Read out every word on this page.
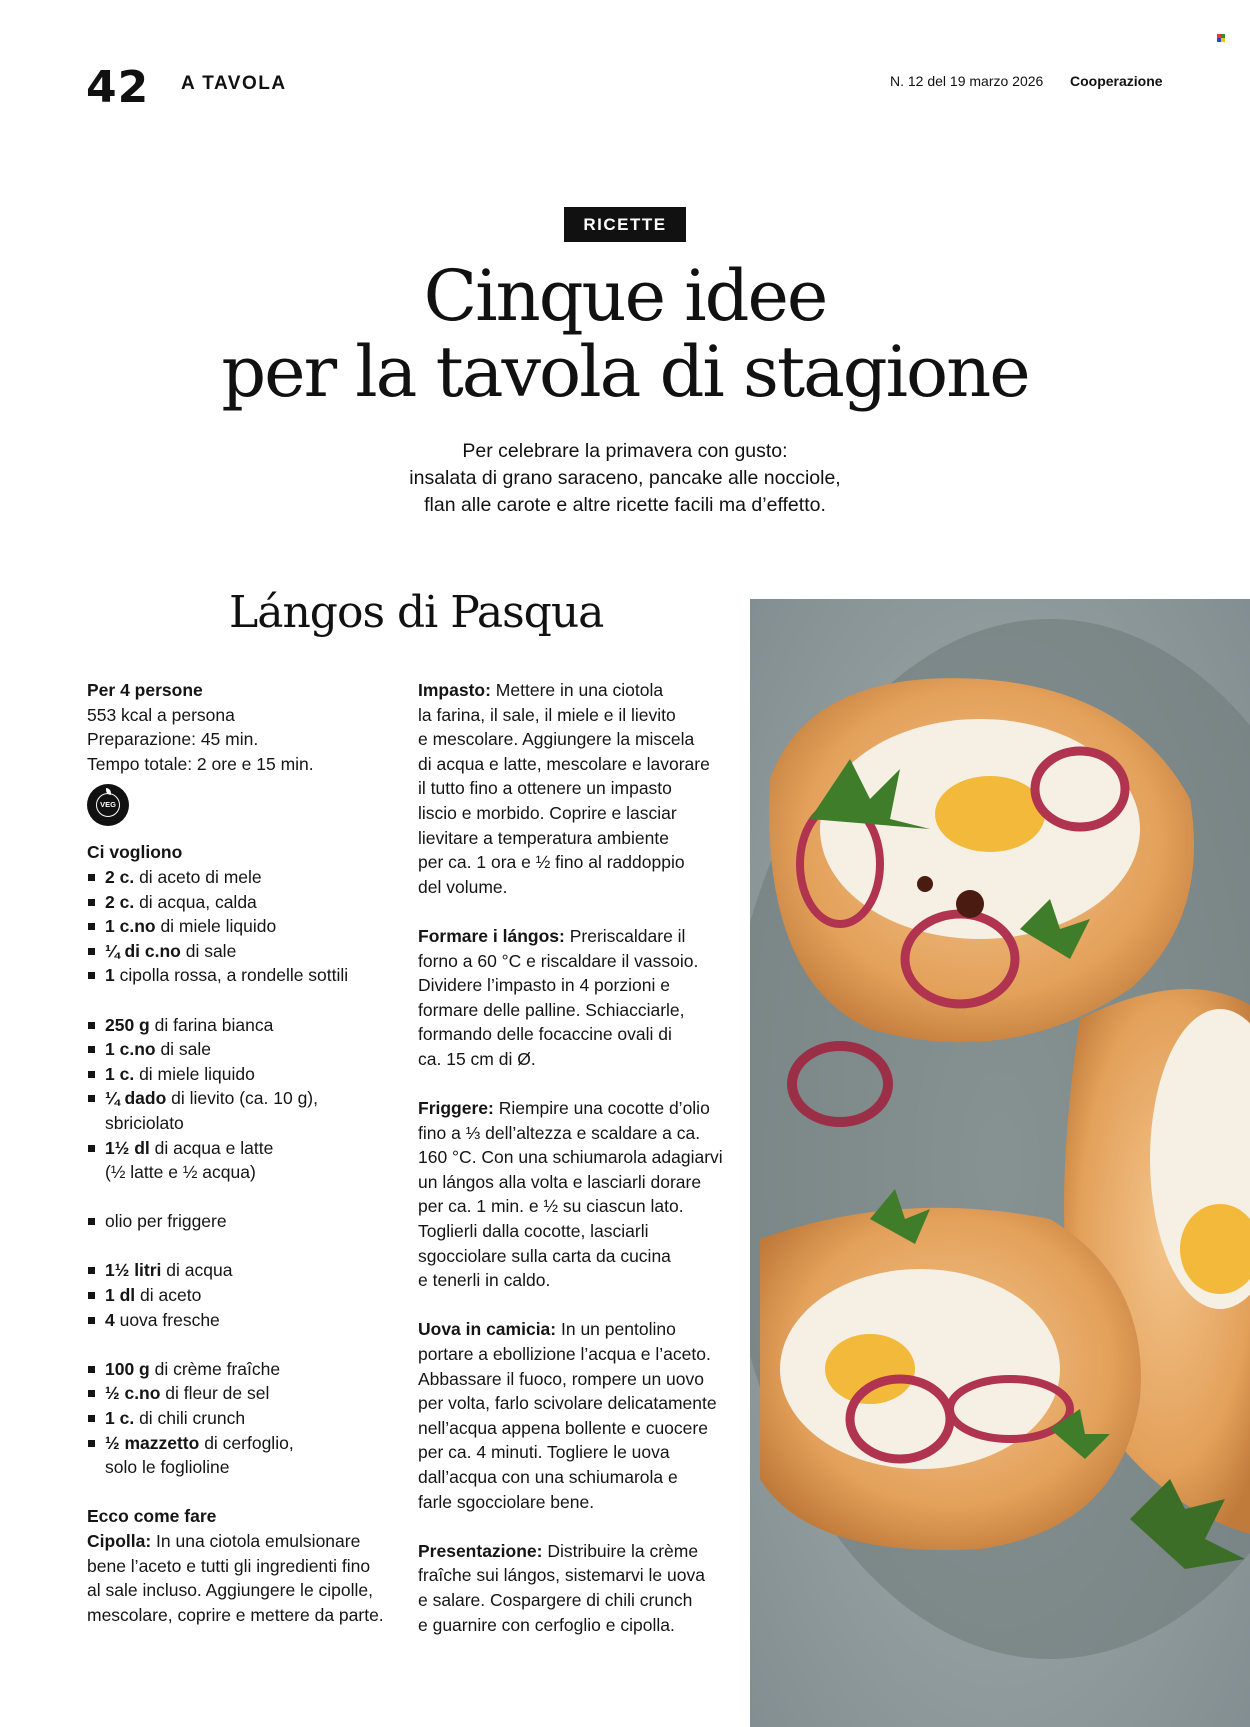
42 A TAVOLA	N. 12 del 19 marzo 2026 Cooperazione
RICETTE
Cinque idee
per la tavola di stagione
Per celebrare la primavera con gusto:
insalata di grano saraceno, pancake alle nocciole,
flan alle carote e altre ricette facili ma d’effetto.
Lángos di Pasqua
Per 4 persone
553 kcal a persona
Preparazione: 45 min.
Tempo totale: 2 ore e 15 min.
VEG
Ci vogliono
2 c. di aceto di mele
2 c. di acqua, calda
1 c.no di miele liquido
¼ di c.no di sale
1 cipolla rossa, a rondelle sottili
250 g di farina bianca
1 c.no di sale
1 c. di miele liquido
¼ dado di lievito (ca. 10 g),
sbriciolato
1½ dl di acqua e latte
(½ latte e ½ acqua)
olio per friggere
1½ litri di acqua
1 dl di aceto
4 uova fresche
100 g di crème fraîche
½ c.no di fleur de sel
1 c. di chili crunch
½ mazzetto di cerfoglio,
solo le foglioline
Ecco come fare
Cipolla: In una ciotola emulsionare
bene l’aceto e tutti gli ingredienti fino
al sale incluso. Aggiungere le cipolle,
mescolare, coprire e mettere da parte.
Impasto: Mettere in una ciotola
la farina, il sale, il miele e il lievito
e mescolare. Aggiungere la miscela
di acqua e latte, mescolare e lavorare
il tutto fino a ottenere un impasto
liscio e morbido. Coprire e lasciar
lievitare a temperatura ambiente
per ca. 1 ora e ½ fino al raddoppio
del volume.
Formare i lángos: Preriscaldare il
forno a 60 °C e riscaldare il vassoio.
Dividere l’impasto in 4 porzioni e
formare delle palline. Schiacciarle,
formando delle focaccine ovali di
ca. 15 cm di Ø.
Friggere: Riempire una cocotte d’olio
fino a ⅓ dell’altezza e scaldare a ca.
160 °C. Con una schiumarola adagiarvi
un lángos alla volta e lasciarli dorare
per ca. 1 min. e ½ su ciascun lato.
Toglierli dalla cocotte, lasciarli
sgocciolare sulla carta da cucina
e tenerli in caldo.
Uova in camicia: In un pentolino
portare a ebollizione l’acqua e l’aceto.
Abbassare il fuoco, rompere un uovo
per volta, farlo scivolare delicatamente
nell’acqua appena bollente e cuocere
per ca. 4 minuti. Togliere le uova
dall’acqua con una schiumarola e
farle sgocciolare bene.
Presentazione: Distribuire la crème
fraîche sui lángos, sistemarvi le uova
e salare. Cospargere di chili crunch
e guarnire con cerfoglio e cipolla.
